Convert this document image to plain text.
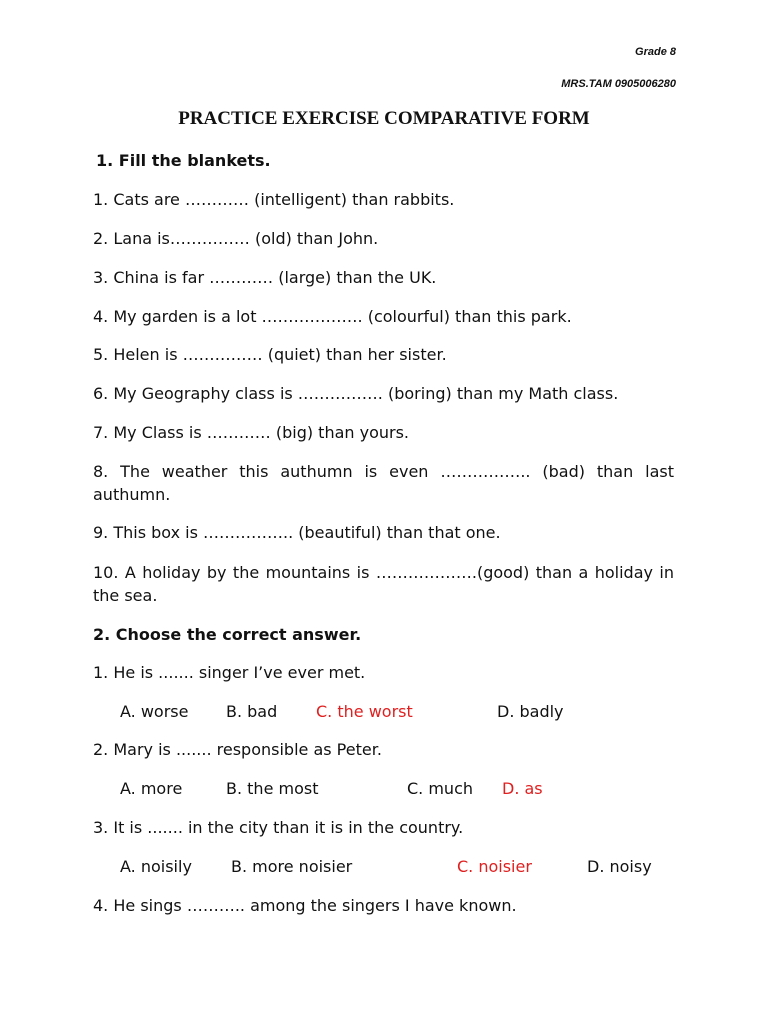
Grade 8
MRS.TAM 0905006280
PRACTICE EXERCISE COMPARATIVE FORM
1. Fill the blankets.

1. Cats are ………… (intelligent) than rabbits.

2. Lana is…………… (old) than John.

3. China is far ………… (large) than the UK.

4. My garden is a lot ………………. (colourful) than this park.

5. Helen is …………… (quiet) than her sister.

6. My Geography class is ……………. (boring) than my Math class.

7. My Class is ………… (big) than yours.

8. The weather this authumn is even …………….. (bad) than last authumn.

9. This box is …………….. (beautiful) than that one.

10. A holiday by the mountains is ……………….(good) than a holiday in the sea.

2. Choose the correct answer.

1. He is ....... singer I’ve ever met.

A. worse B. bad C. the worst	D. badly

2. Mary is ....... responsible as Peter.

A. more	B. the most	C. much D. as

3. It is ....... in the city than it is in the country.

A. noisily B. more noisier	C. noisier	D. noisy

4. He sings ……….. among the singers I have known.
